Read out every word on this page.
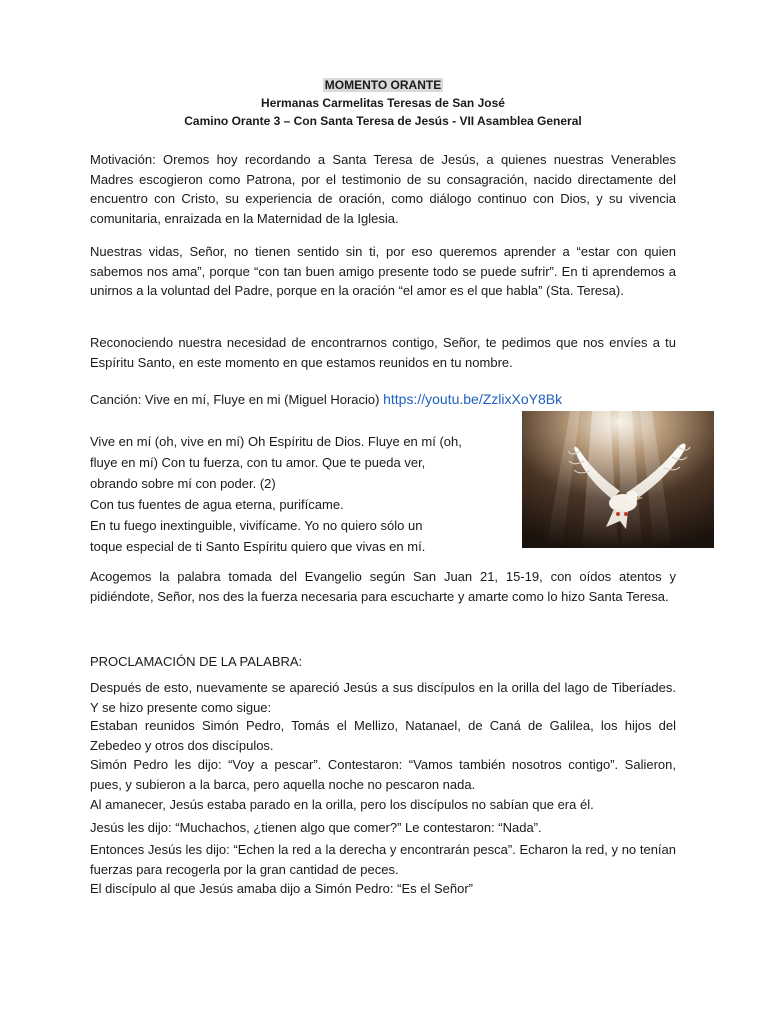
MOMENTO ORANTE
Hermanas Carmelitas Teresas de San José
Camino Orante 3 – Con Santa Teresa de Jesús - VII Asamblea General

Motivación: Oremos hoy recordando a Santa Teresa de Jesús, a quienes nuestras Venerables Madres escogieron como Patrona, por el testimonio de su consagración, nacido directamente del encuentro con Cristo, su experiencia de oración, como diálogo continuo con Dios, y su vivencia comunitaria, enraizada en la Maternidad de la Iglesia.

Nuestras vidas, Señor, no tienen sentido sin ti, por eso queremos aprender a “estar con quien sabemos nos ama”, porque “con tan buen amigo presente todo se puede sufrir”. En ti aprendemos a unirnos a la voluntad del Padre, porque en la oración “el amor es el que habla” (Sta. Teresa).

Reconociendo nuestra necesidad de encontrarnos contigo, Señor, te pedimos que nos envíes a tu Espíritu Santo, en este momento en que estamos reunidos en tu nombre.

Canción: Vive en mí, Fluye en mi (Miguel Horacio) https://youtu.be/ZzlixXoY8Bk

Vive en mí (oh, vive en mí) Oh Espíritu de Dios. Fluye en mí (oh,
fluye en mí) Con tu fuerza, con tu amor. Que te pueda ver,
obrando sobre mí con poder. (2)
Con tus fuentes de agua eterna, purifícame.
En tu fuego inextinguible, vivifícame. Yo no quiero sólo un
toque especial de ti Santo Espíritu quiero que vivas en mí.

Acogemos la palabra tomada del Evangelio según San Juan 21, 15-19, con oídos atentos y pidiéndote, Señor, nos des la fuerza necesaria para escucharte y amarte como lo hizo Santa Teresa.

PROCLAMACIÓN DE LA PALABRA:

Después de esto, nuevamente se apareció Jesús a sus discípulos en la orilla del lago de Tiberíades. Y se hizo presente como sigue:

Estaban reunidos Simón Pedro, Tomás el Mellizo, Natanael, de Caná de Galilea, los hijos del Zebedeo y otros dos discípulos.

Simón Pedro les dijo: “Voy a pescar”. Contestaron: “Vamos también nosotros contigo”. Salieron, pues, y subieron a la barca, pero aquella noche no pescaron nada.

Al amanecer, Jesús estaba parado en la orilla, pero los discípulos no sabían que era él.

Jesús les dijo: “Muchachos, ¿tienen algo que comer?” Le contestaron: “Nada”.

Entonces Jesús les dijo: “Echen la red a la derecha y encontrarán pesca”. Echaron la red, y no tenían fuerzas para recogerla por la gran cantidad de peces.

El discípulo al que Jesús amaba dijo a Simón Pedro: “Es el Señor”
